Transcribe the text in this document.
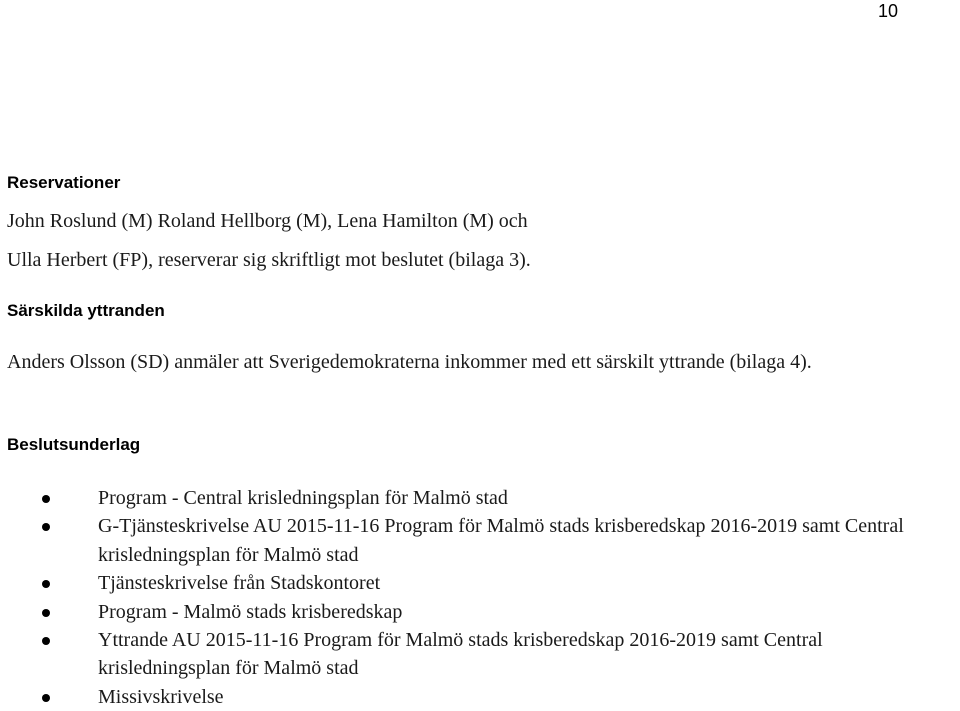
10
Reservationer
John Roslund (M) Roland Hellborg (M), Lena Hamilton (M) och
Ulla Herbert (FP), reserverar sig skriftligt mot beslutet (bilaga 3).
Särskilda yttranden
Anders Olsson (SD) anmäler att Sverigedemokraterna inkommer med ett särskilt yttrande (bilaga 4).
Beslutsunderlag
Program - Central krisledningsplan för Malmö stad
G-Tjänsteskrivelse AU 2015-11-16 Program för Malmö stads krisberedskap 2016-2019 samt Central krisledningsplan för Malmö stad
Tjänsteskrivelse från Stadskontoret
Program - Malmö stads krisberedskap
Yttrande AU 2015-11-16 Program för Malmö stads krisberedskap 2016-2019 samt Central krisledningsplan för Malmö stad
Missivskrivelse
